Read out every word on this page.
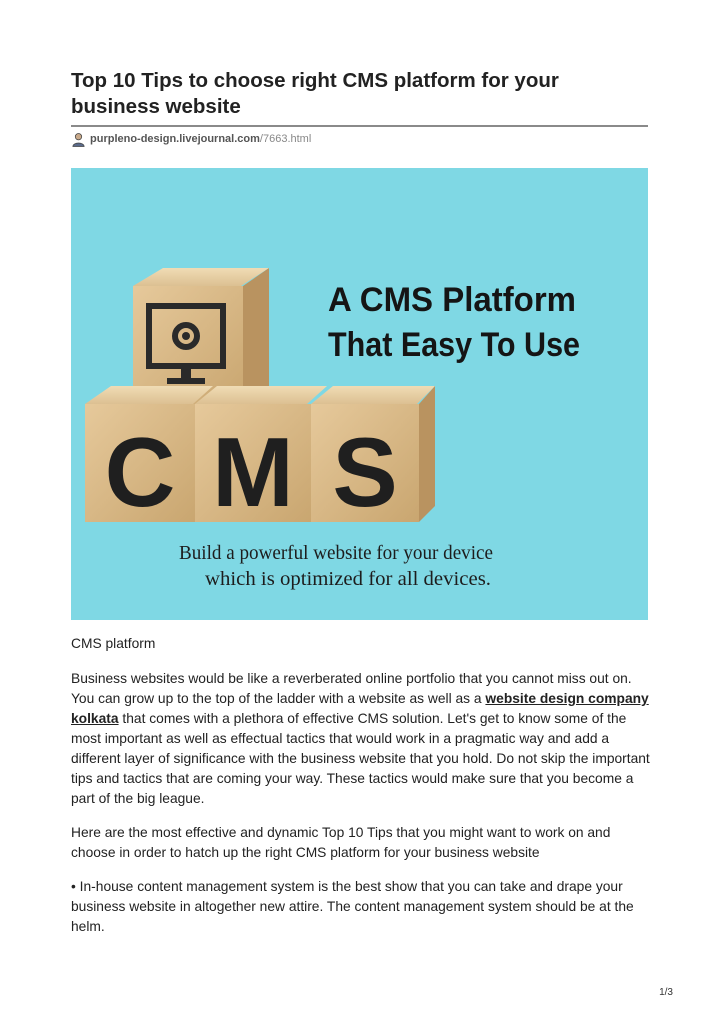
Top 10 Tips to choose right CMS platform for your business website
purpleno-design.livejournal.com /7663.html
C M S
A CMS Platform
That Easy To Use
Build a powerful website for your device
which is optimized for all devices.
CMS platform

Business websites would be like a reverberated online portfolio that you cannot miss out on. You can grow up to the top of the ladder with a website as well as a website design company kolkata that comes with a plethora of effective CMS solution. Let's get to know some of the most important as well as effectual tactics that would work in a pragmatic way and add a different layer of significance with the business website that you hold. Do not skip the important tips and tactics that are coming your way. These tactics would make sure that you become a part of the big league.

Here are the most effective and dynamic Top 10 Tips that you might want to work on and choose in order to hatch up the right CMS platform for your business website

• In-house content management system is the best show that you can take and drape your business website in altogether new attire. The content management system should be at the helm.

1/3
